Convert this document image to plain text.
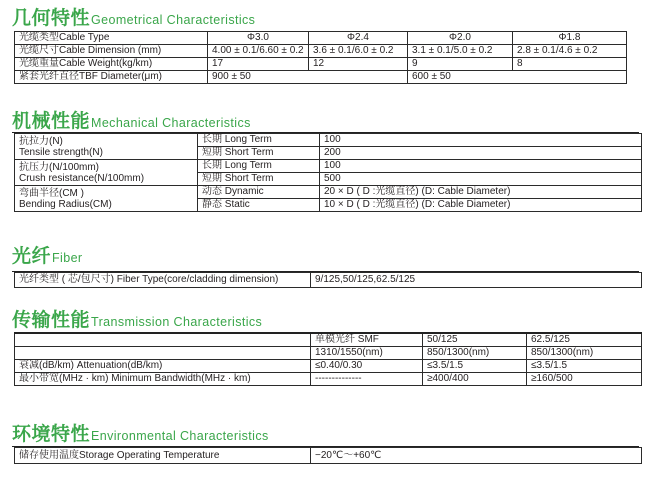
几何特性Geometrical Characteristics
光缆类型Cable Type	Φ3.0	Φ2.4	Φ2.0	Φ1.8
光缆尺寸Cable Dimension (mm)	4.00 ± 0.1/6.60 ± 0.2	3.6 ± 0.1/6.0 ± 0.2	3.1 ± 0.1/5.0 ± 0.2	2.8 ± 0.1/4.6 ± 0.2
光缆重量Cable Weight(kg/km)	17	12	9	8
紧套光纤直径TBF Diameter(μm)	900 ± 50		600 ± 50	
机械性能Mechanical Characteristics
抗拉力(N)
Tensile strength(N)	长期 Long Term	100
	短期 Short Term	200
抗压力(N/100mm)
Crush resistance(N/100mm)	长期 Long Term	100
	短期 Short Term	500
弯曲半径(CM )
Bending Radius(CM)	动态 Dynamic	20 × D ( D :光缆直径) (D: Cable Diameter)
	静态 Static	10 × D ( D :光缆直径) (D: Cable Diameter)
光纤Fiber
光纤类型 ( 芯/包尺寸) Fiber Type(core/cladding dimension)	9/125,50/125,62.5/125
传输性能Transmission Characteristics
	单模光纤 SMF	50/125	62.5/125
	1310/1550(nm)	850/1300(nm)	850/1300(nm)
衰减(dB/km) Attenuation(dB/km)	≤0.40/0.30	≤3.5/1.5	≤3.5/1.5
最小带宽(MHz · km) Minimum Bandwidth(MHz · km)	--------------	≥400/400	≥160/500
环境特性Environmental Characteristics
储存使用温度Storage Operating Temperature	−20℃～+60℃
